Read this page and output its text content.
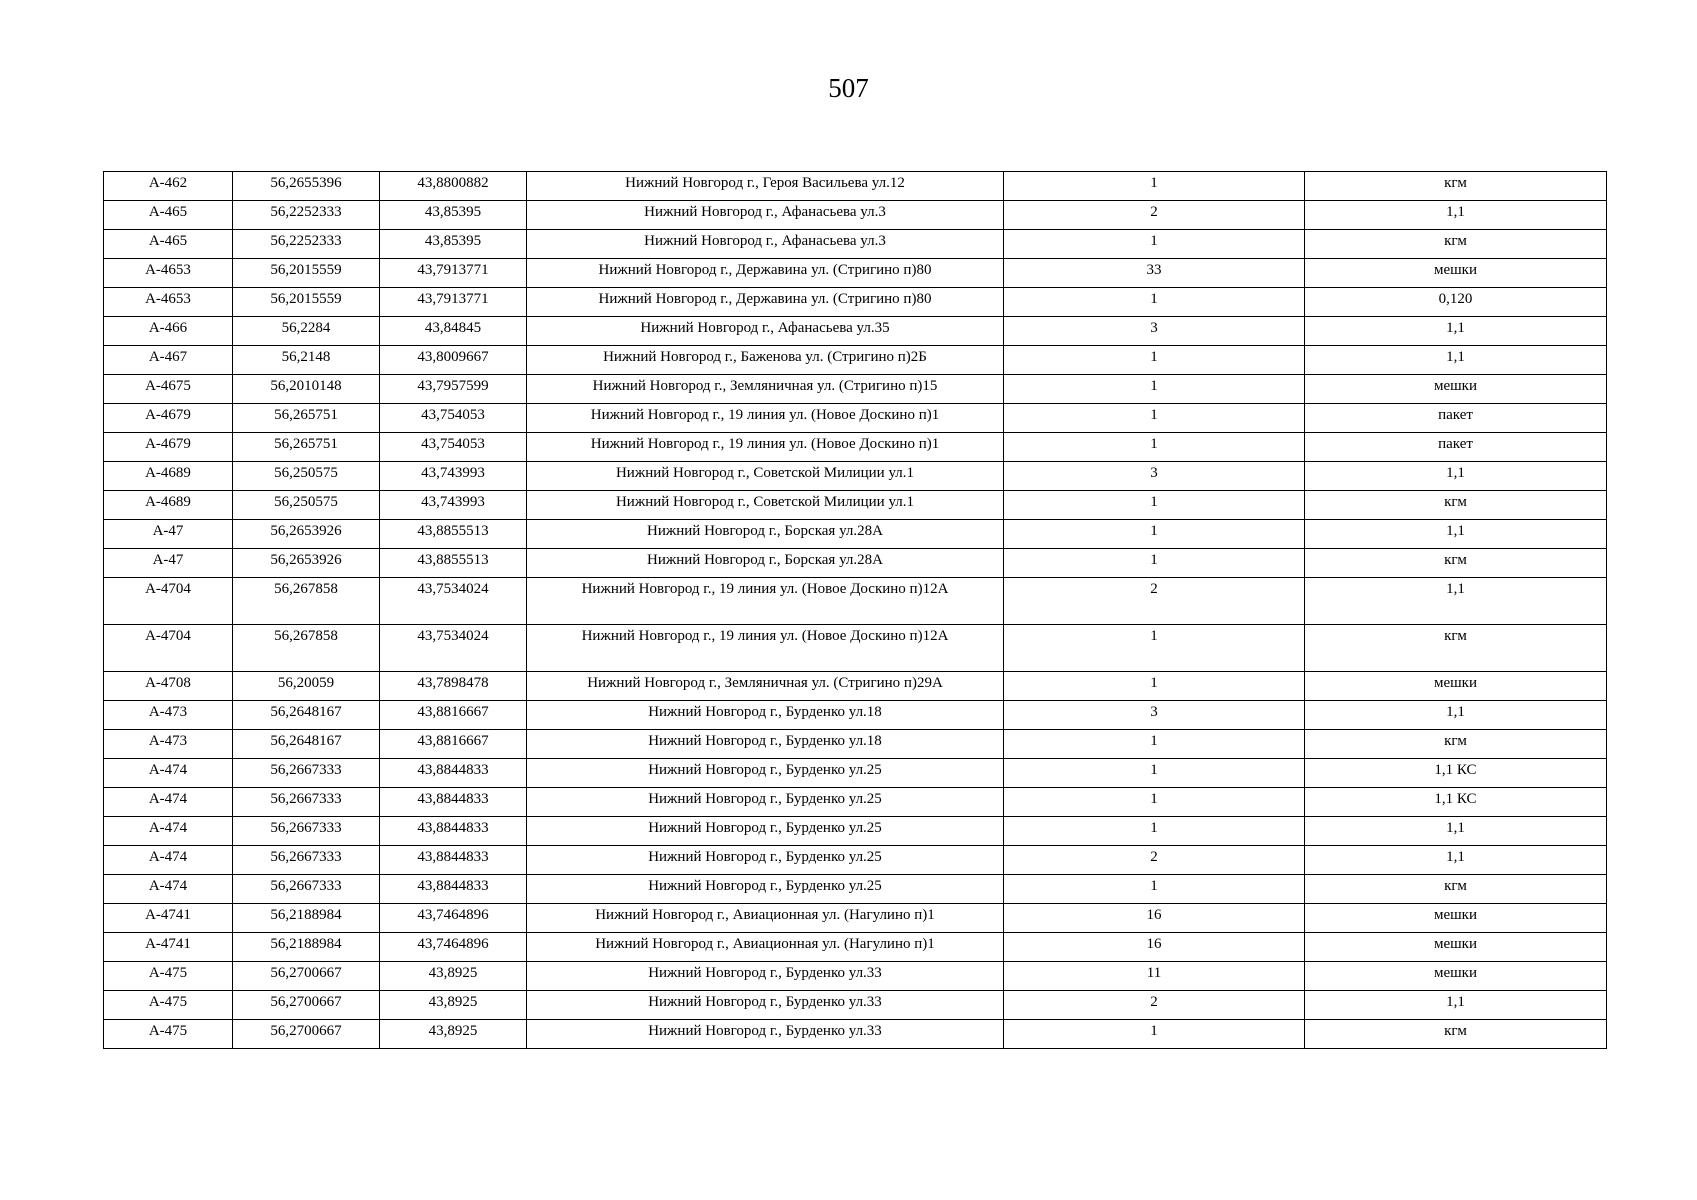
507
А-462	56,2655396	43,8800882	Нижний Новгород г., Героя Васильева ул.12	1	кгм
А-465	56,2252333	43,85395	Нижний Новгород г., Афанасьева ул.3	2	1,1
А-465	56,2252333	43,85395	Нижний Новгород г., Афанасьева ул.3	1	кгм
А-4653	56,2015559	43,7913771	Нижний Новгород г., Державина ул. (Стригино п)80	33	мешки
А-4653	56,2015559	43,7913771	Нижний Новгород г., Державина ул. (Стригино п)80	1	0,120
А-466	56,2284	43,84845	Нижний Новгород г., Афанасьева ул.35	3	1,1
А-467	56,2148	43,8009667	Нижний Новгород г., Баженова ул. (Стригино п)2Б	1	1,1
А-4675	56,2010148	43,7957599	Нижний Новгород г., Земляничная ул. (Стригино п)15	1	мешки
А-4679	56,265751	43,754053	Нижний Новгород г., 19 линия ул. (Новое Доскино п)1	1	пакет
А-4679	56,265751	43,754053	Нижний Новгород г., 19 линия ул. (Новое Доскино п)1	1	пакет
А-4689	56,250575	43,743993	Нижний Новгород г., Советской Милиции ул.1	3	1,1
А-4689	56,250575	43,743993	Нижний Новгород г., Советской Милиции ул.1	1	кгм
А-47	56,2653926	43,8855513	Нижний Новгород г., Борская ул.28А	1	1,1
А-47	56,2653926	43,8855513	Нижний Новгород г., Борская ул.28А	1	кгм
А-4704	56,267858	43,7534024	Нижний Новгород г., 19 линия ул. (Новое Доскино п)12А	2	1,1
А-4704	56,267858	43,7534024	Нижний Новгород г., 19 линия ул. (Новое Доскино п)12А	1	кгм
А-4708	56,20059	43,7898478	Нижний Новгород г., Земляничная ул. (Стригино п)29А	1	мешки
А-473	56,2648167	43,8816667	Нижний Новгород г., Бурденко ул.18	3	1,1
А-473	56,2648167	43,8816667	Нижний Новгород г., Бурденко ул.18	1	кгм
А-474	56,2667333	43,8844833	Нижний Новгород г., Бурденко ул.25	1	1,1 КС
А-474	56,2667333	43,8844833	Нижний Новгород г., Бурденко ул.25	1	1,1 КС
А-474	56,2667333	43,8844833	Нижний Новгород г., Бурденко ул.25	1	1,1
А-474	56,2667333	43,8844833	Нижний Новгород г., Бурденко ул.25	2	1,1
А-474	56,2667333	43,8844833	Нижний Новгород г., Бурденко ул.25	1	кгм
А-4741	56,2188984	43,7464896	Нижний Новгород г., Авиационная ул. (Нагулино п)1	16	мешки
А-4741	56,2188984	43,7464896	Нижний Новгород г., Авиационная ул. (Нагулино п)1	16	мешки
А-475	56,2700667	43,8925	Нижний Новгород г., Бурденко ул.33	11	мешки
А-475	56,2700667	43,8925	Нижний Новгород г., Бурденко ул.33	2	1,1
А-475	56,2700667	43,8925	Нижний Новгород г., Бурденко ул.33	1	кгм
